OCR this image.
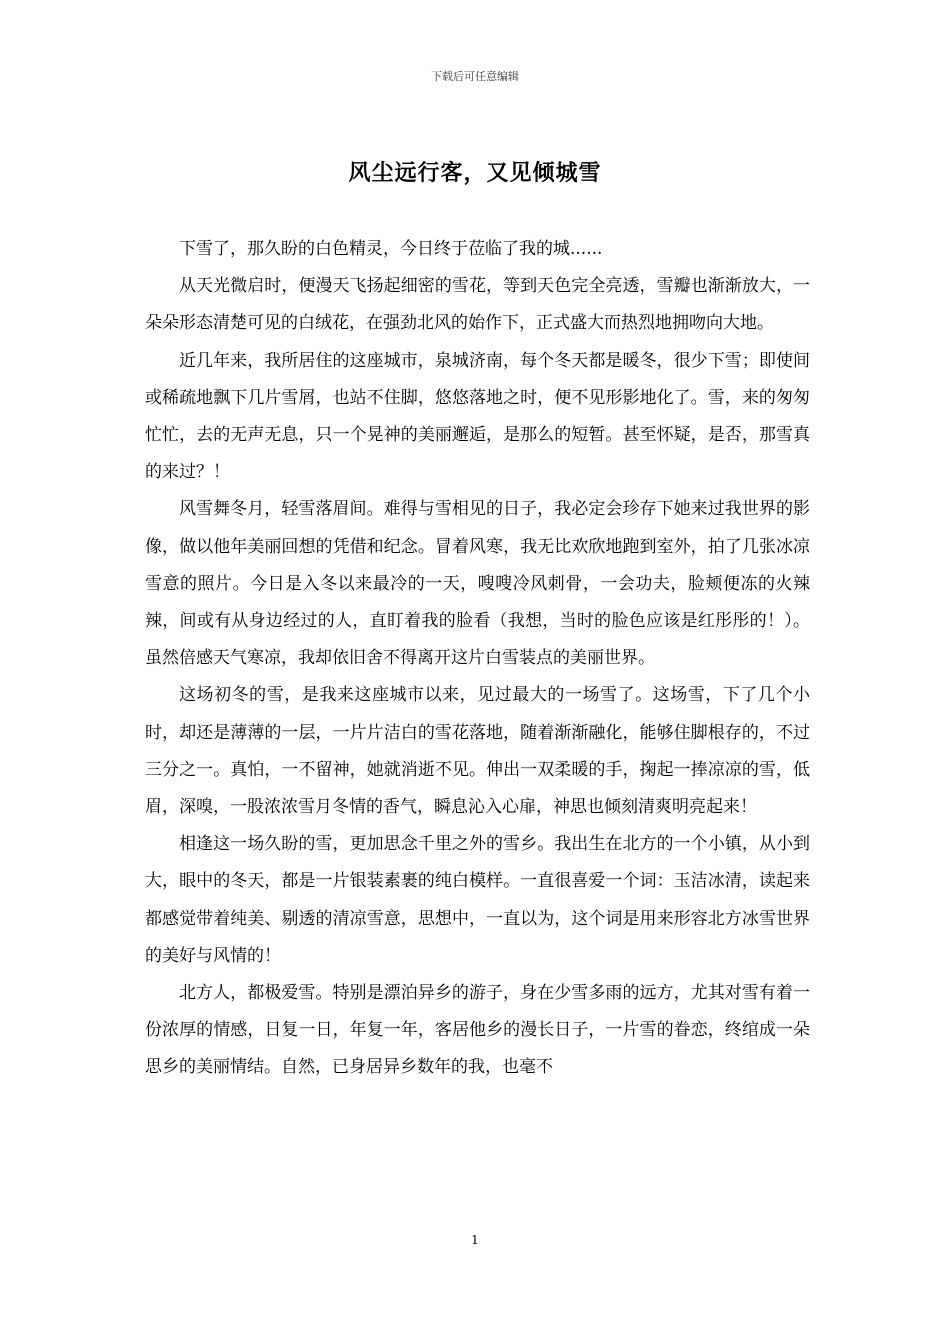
下载后可任意编辑
风尘远行客，又见倾城雪

下雪了，那久盼的白色精灵，今日终于莅临了我的城......

从天光微启时，便漫天飞扬起细密的雪花，等到天色完全亮透，雪瓣也渐渐放大，一朵朵形态清楚可见的白绒花，在强劲北风的始作下，正式盛大而热烈地拥吻向大地。

近几年来，我所居住的这座城市，泉城济南，每个冬天都是暖冬，很少下雪；即使间或稀疏地飘下几片雪屑，也站不住脚，悠悠落地之时，便不见形影地化了。雪，来的匆匆忙忙，去的无声无息，只一个晃神的美丽邂逅，是那么的短暂。甚至怀疑，是否，那雪真的来过？！

风雪舞冬月，轻雪落眉间。难得与雪相见的日子，我必定会珍存下她来过我世界的影像，做以他年美丽回想的凭借和纪念。冒着风寒，我无比欢欣地跑到室外，拍了几张冰凉雪意的照片。今日是入冬以来最冷的一天，嗖嗖冷风刺骨，一会功夫，脸颊便冻的火辣辣，间或有从身边经过的人，直盯着我的脸看（我想，当时的脸色应该是红彤彤的！）。虽然倍感天气寒凉，我却依旧舍不得离开这片白雪装点的美丽世界。

这场初冬的雪，是我来这座城市以来，见过最大的一场雪了。这场雪，下了几个小时，却还是薄薄的一层，一片片洁白的雪花落地，随着渐渐融化，能够住脚根存的，不过三分之一。真怕，一不留神，她就消逝不见。伸出一双柔暖的手，掬起一捧凉凉的雪，低眉，深嗅，一股浓浓雪月冬情的香气，瞬息沁入心扉，神思也倾刻清爽明亮起来！

相逢这一场久盼的雪，更加思念千里之外的雪乡。我出生在北方的一个小镇，从小到大，眼中的冬天，都是一片银装素裹的纯白模样。一直很喜爱一个词：玉洁冰清，读起来都感觉带着纯美、剔透的清凉雪意，思想中，一直以为，这个词是用来形容北方冰雪世界的美好与风情的！

北方人，都极爱雪。特别是漂泊异乡的游子，身在少雪多雨的远方，尤其对雪有着一份浓厚的情感，日复一日，年复一年，客居他乡的漫长日子，一片雪的眷恋，终绾成一朵思乡的美丽情结。自然，已身居异乡数年的我，也毫不

1
